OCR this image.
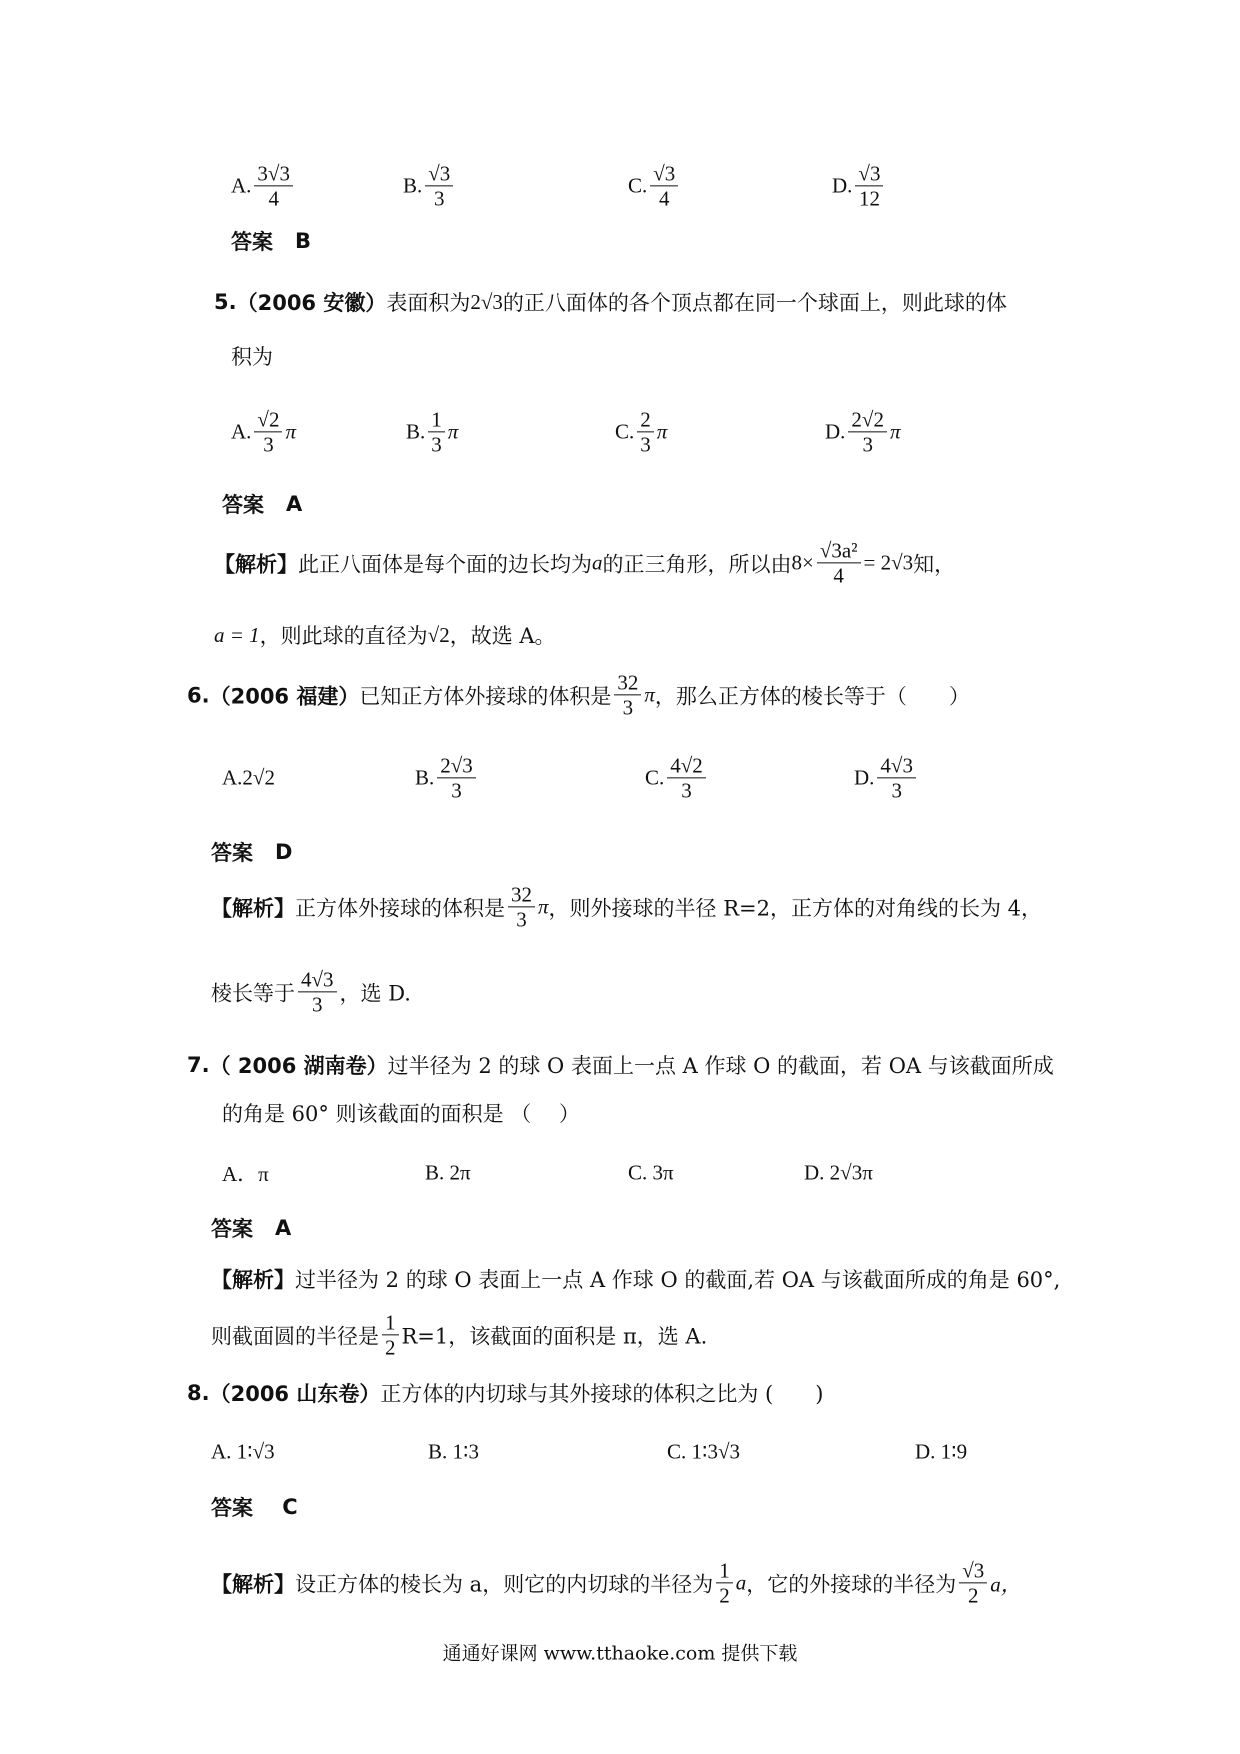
A. $\frac{3√3}{4}$	B. $\frac{√3}{3}$	C. $\frac{√3}{4}$	D. $\frac{√3}{12}$
答案
B
5. （2006 安徽） 表面积为 2√3 的正八面体的各个顶点都在同一个球面上，则此球的体
积为
A. $\frac{√2}{3}$ π	B. $\frac{1}{3}$ π	C. $\frac{2}{3}$ π	D. $\frac{2√2}{3}$ π
答案
A
【解析】 此正八面体是每个面的边长均为 a 的正三角形，所以由 $8\times \frac{\text{√3a²}}{4} = 2√3$ 知，
a = 1 ，则此球的直径为 √2 ，故选 A。
6. （2006 福建） 已知正方体外接球的体积是 $\frac{32}{3}$ π ，那么正方体的棱长等于（　　）
A.2 √2	B. $\frac{2√3}{3}$	C. $\frac{4√2}{3}$	D. $\frac{4√3}{3}$
答案
D
【解析】 正方体外接球的体积是 $\frac{32}{3}$ π ，则外接球的半径 R=2，正方体的对角线的长为 4，
棱长等于 $\frac{4√3}{3}$ ，选 D.
7. （ 2006 湖南卷） 过半径为 2 的球 O 表面上一点 A 作球 O 的截面，若 OA 与该截面所成
的角是 60° 则该截面的面积是 （　 ）
A．π	B. 2π	C. 3π	D. 2√3π
答案
A
【解析】 过半径为 2 的球 O 表面上一点 A 作球 O 的截面,若 OA 与该截面所成的角是 60°,
则截面圆的半径是 $\frac{1}{2} R=1$，该截面的面积是 π，选 A.
8. （2006 山东卷） 正方体的内切球与其外接球的体积之比为 (　　)
A. 1∶√3	B. 1∶3	C. 1∶3√3	D. 1∶9
答案
C
【解析】 设正方体的棱长为 a，则它的内切球的半径为 $\frac{1}{2}$ a ，它的外接球的半径为 $\frac{√3}{2}$ a，
通通好课网 www.tthaoke.com 提供下载
